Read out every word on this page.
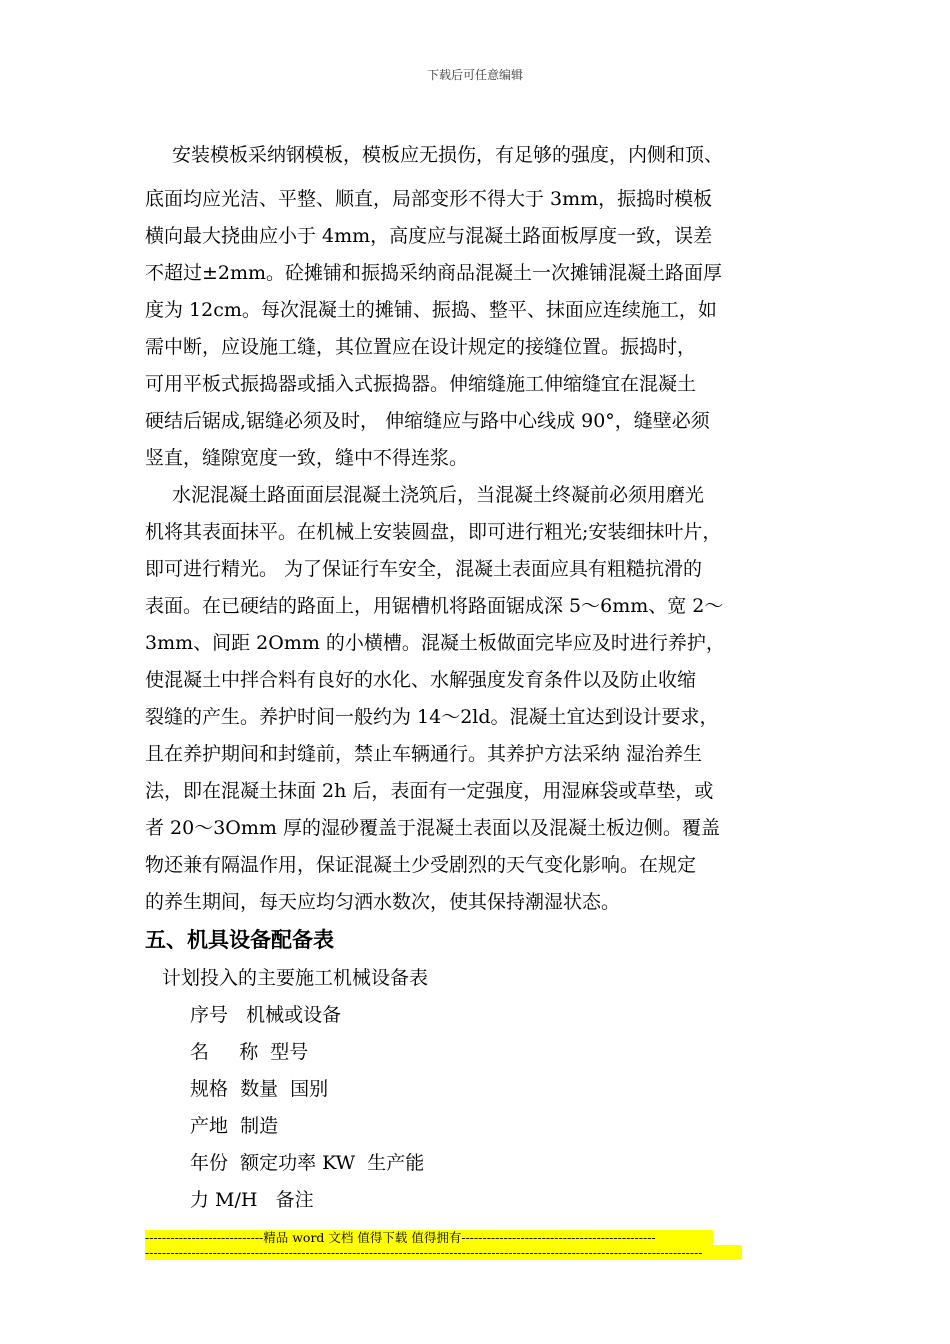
下载后可任意编辑

安装模板采纳钢模板，模板应无损伤，有足够的强度，内侧和顶、

底面均应光洁、平整、顺直，局部变形不得大于 3mm，振捣时模板
横向最大挠曲应小于 4mm，高度应与混凝土路面板厚度一致，误差
不超过±2mm。砼摊铺和振捣采纳商品混凝土一次摊铺混凝土路面厚
度为 12cm。每次混凝土的摊铺、振捣、整平、抹面应连续施工，如
需中断，应设施工缝，其位置应在设计规定的接缝位置。振捣时，
可用平板式振捣器或插入式振捣器。伸缩缝施工伸缩缝宜在混凝土
硬结后锯成,锯缝必须及时， 伸缩缝应与路中心线成 90°，缝壁必须
竖直，缝隙宽度一致，缝中不得连浆。

水泥混凝土路面面层混凝土浇筑后，当混凝土终凝前必须用磨光
机将其表面抹平。在机械上安装圆盘，即可进行粗光;安装细抹叶片，
即可进行精光。 为了保证行车安全，混凝土表面应具有粗糙抗滑的
表面。在已硬结的路面上，用锯槽机将路面锯成深 5～6mm、宽 2～
3mm、间距 2Omm 的小横槽。混凝土板做面完毕应及时进行养护，
使混凝土中拌合料有良好的水化、水解强度发育条件以及防止收缩
裂缝的产生。养护时间一般约为 14～2ld。混凝土宜达到设计要求，
且在养护期间和封缝前，禁止车辆通行。其养护方法采纳 湿治养生
法，即在混凝土抹面 2h 后，表面有一定强度，用湿麻袋或草垫，或
者 20～3Omm 厚的湿砂覆盖于混凝土表面以及混凝土板边侧。覆盖
物还兼有隔温作用，保证混凝土少受剧烈的天气变化影响。在规定
的养生期间，每天应均匀洒水数次，使其保持潮湿状态。

五、机具设备配备表

计划投入的主要施工机械设备表

序号   机械或设备
名     称  型号
规格  数量  国别
产地  制造
年份  额定功率 KW  生产能
力 M/H   备注
----------------------------精品 word 文档 值得下载 值得拥有----------------------------------------------
------------------------------------------------------------------------------------------------------------------------------------
